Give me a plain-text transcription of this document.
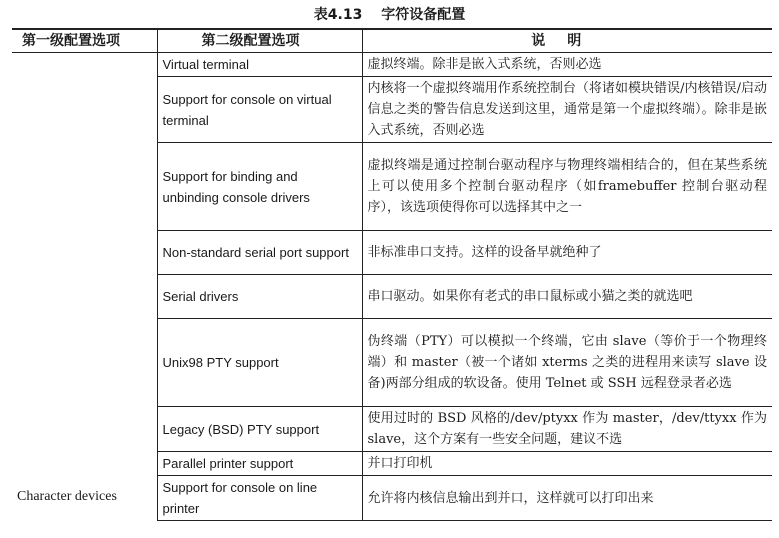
表4.13 字符设备配置
第一级配置选项	第二级配置选项	说明
Character devices	Virtual terminal	虚拟终端。除非是嵌入式系统，否则必选
	Support for console on virtual terminal	内核将一个虚拟终端用作系统控制台（将诸如模块错误/内核错误/启动信息之类的警告信息发送到这里，通常是第一个虚拟终端）。除非是嵌入式系统，否则必选
	Support for binding and unbinding console drivers	虚拟终端是通过控制台驱动程序与物理终端相结合的，但在某些系统上可以使用多个控制台驱动程序（如framebuffer 控制台驱动程序），该选项使得你可以选择其中之一
	Non-standard serial port support	非标准串口支持。这样的设备早就绝种了
	Serial drivers	串口驱动。如果你有老式的串口鼠标或小猫之类的就选吧
	Unix98 PTY support	伪终端（PTY）可以模拟一个终端，它由 slave（等价于一个物理终端）和 master（被一个诸如 xterms 之类的进程用来读写 slave 设备)两部分组成的软设备。使用 Telnet 或 SSH 远程登录者必选
	Legacy (BSD) PTY support	使用过时的 BSD 风格的/dev/ptyxx 作为 master，/dev/ttyxx 作为 slave，这个方案有一些安全问题，建议不选
	Parallel printer support	并口打印机
	Support for console on line printer	允许将内核信息输出到并口，这样就可以打印出来
